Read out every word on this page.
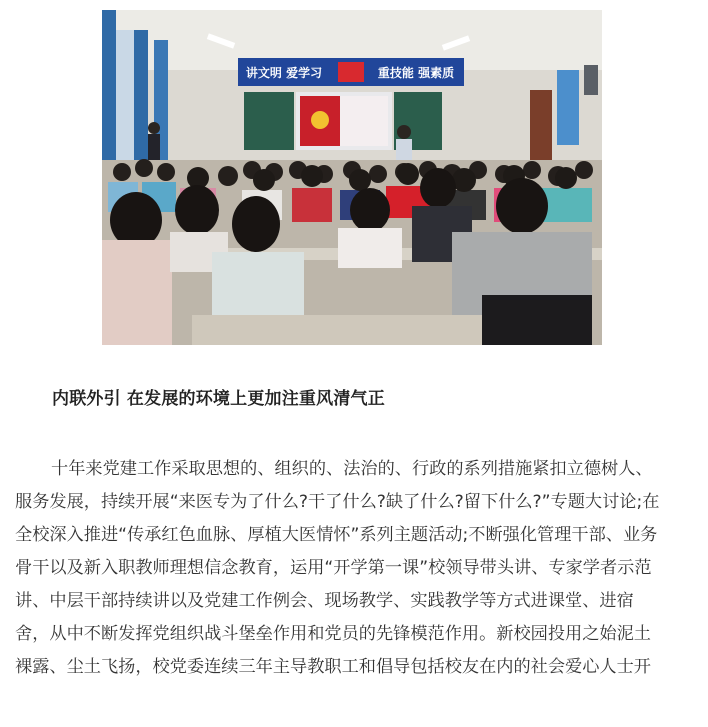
讲文明 爱学习	重技能 强素质
内联外引 在发展的环境上更加注重风清气正
十年来党建工作采取思想的、组织的、法治的、行政的系列措施紧扣立德树人、
服务发展，持续开展“来医专为了什么?干了什么?缺了什么?留下什么?”专题大讨论;在
全校深入推进“传承红色血脉、厚植大医情怀”系列主题活动;不断强化管理干部、业务
骨干以及新入职教师理想信念教育，运用“开学第一课”校领导带头讲、专家学者示范
讲、中层干部持续讲以及党建工作例会、现场教学、实践教学等方式进课堂、进宿
舍，从中不断发挥党组织战斗堡垒作用和党员的先锋模范作用。新校园投用之始泥土
裸露、尘土飞扬，校党委连续三年主导教职工和倡导包括校友在内的社会爱心人士开
